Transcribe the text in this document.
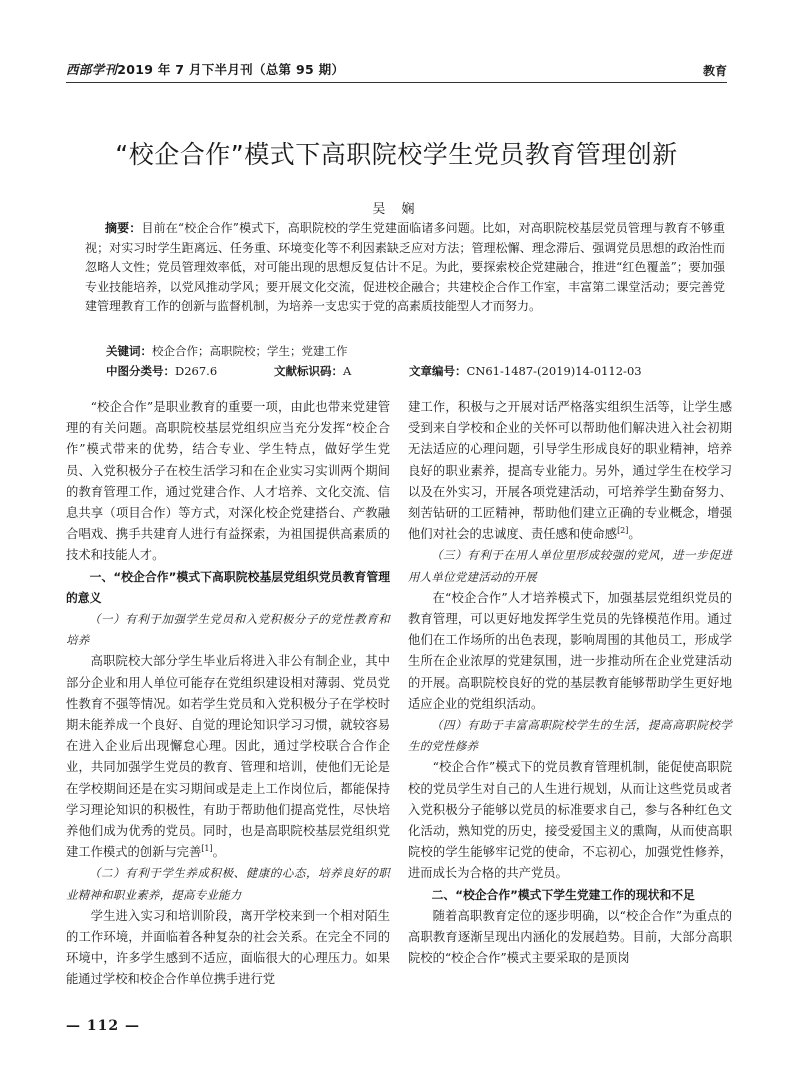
西部学刊2019 年 7 月下半月刊（总第 95 期）	教育
“校企合作”模式下高职院校学生党员教育管理创新
吴 娴
摘要：目前在“校企合作”模式下，高职院校的学生党建面临诸多问题。比如，对高职院校基层党员管理与教育不够重视；对实习时学生距离远、任务重、环境变化等不利因素缺乏应对方法；管理松懈、理念滞后、强调党员思想的政治性而忽略人文性；党员管理效率低，对可能出现的思想反复估计不足。为此，要探索校企党建融合，推进“红色覆盖”；要加强专业技能培养，以党风推动学风；要开展文化交流，促进校企融合；共建校企合作工作室，丰富第二课堂活动；要完善党建管理教育工作的创新与监督机制，为培养一支忠实于党的高素质技能型人才而努力。
关键词：校企合作；高职院校；学生；党建工作
中图分类号：D267.6	文献标识码：A	文章编号：CN61-1487-(2019)14-0112-03

“校企合作”是职业教育的重要一项，由此也带来党建管理的有关问题。高职院校基层党组织应当充分发挥“校企合作”模式带来的优势，结合专业、学生特点，做好学生党员、入党积极分子在校生活学习和在企业实习实训两个期间的教育管理工作，通过党建合作、人才培养、文化交流、信息共享（项目合作）等方式，对深化校企党建搭台、产教融合唱戏、携手共建育人进行有益探索，为祖国提供高素质的技术和技能人才。

一、“校企合作”模式下高职院校基层党组织党员教育管理的意义

（一）有利于加强学生党员和入党积极分子的党性教育和培养

高职院校大部分学生毕业后将进入非公有制企业，其中部分企业和用人单位可能存在党组织建设相对薄弱、党员党性教育不强等情况。如若学生党员和入党积极分子在学校时期未能养成一个良好、自觉的理论知识学习习惯，就较容易在进入企业后出现懈怠心理。因此，通过学校联合合作企业，共同加强学生党员的教育、管理和培训，使他们无论是在学校期间还是在实习期间或是走上工作岗位后，都能保持学习理论知识的积极性，有助于帮助他们提高党性，尽快培养他们成为优秀的党员。同时，也是高职院校基层党组织党建工作模式的创新与完善[1]。

（二）有利于学生养成积极、健康的心态，培养良好的职业精神和职业素养，提高专业能力

学生进入实习和培训阶段，离开学校来到一个相对陌生的工作环境，并面临着各种复杂的社会关系。在完全不同的环境中，许多学生感到不适应，面临很大的心理压力。如果能通过学校和校企合作单位携手进行党

建工作，积极与之开展对话严格落实组织生活等，让学生感受到来自学校和企业的关怀可以帮助他们解决进入社会初期无法适应的心理问题，引导学生形成良好的职业精神，培养良好的职业素养，提高专业能力。另外，通过学生在校学习以及在外实习，开展各项党建活动，可培养学生勤奋努力、刻苦钻研的工匠精神，帮助他们建立正确的专业概念，增强他们对社会的忠诚度、责任感和使命感[2]。

（三）有利于在用人单位里形成较强的党风，进一步促进用人单位党建活动的开展

在“校企合作”人才培养模式下，加强基层党组织党员的教育管理，可以更好地发挥学生党员的先锋模范作用。通过他们在工作场所的出色表现，影响周围的其他员工，形成学生所在企业浓厚的党建氛围，进一步推动所在企业党建活动的开展。高职院校良好的党的基层教育能够帮助学生更好地适应企业的党组织活动。

（四）有助于丰富高职院校学生的生活，提高高职院校学生的党性修养

“校企合作”模式下的党员教育管理机制，能促使高职院校的党员学生对自己的人生进行规划，从而让这些党员或者入党积极分子能够以党员的标准要求自己，参与各种红色文化活动，熟知党的历史，接受爱国主义的熏陶，从而使高职院校的学生能够牢记党的使命，不忘初心，加强党性修养，进而成长为合格的共产党员。

二、“校企合作”模式下学生党建工作的现状和不足

随着高职教育定位的逐步明确，以“校企合作”为重点的高职教育逐渐呈现出内涵化的发展趋势。目前，大部分高职院校的“校企合作”模式主要采取的是顶岗

— 112 —
